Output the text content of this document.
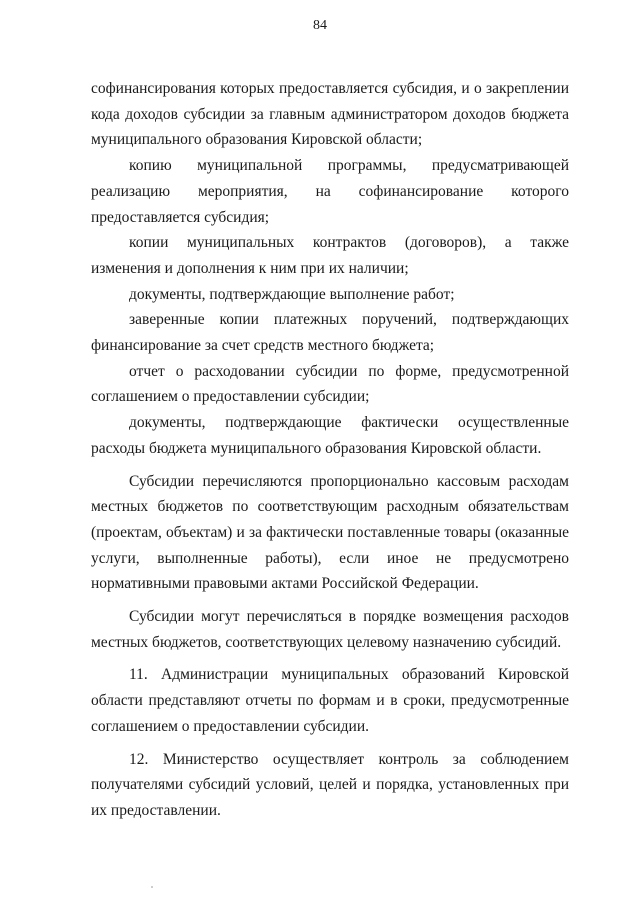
84

софинансирования которых предоставляется субсидия, и о закреплении кода доходов субсидии за главным администратором доходов бюджета муниципального образования Кировской области;

копию муниципальной программы, предусматривающей реализацию мероприятия, на софинансирование которого предоставляется субсидия;

копии муниципальных контрактов (договоров), а также изменения и дополнения к ним при их наличии;

документы, подтверждающие выполнение работ;

заверенные копии платежных поручений, подтверждающих финансирование за счет средств местного бюджета;

отчет о расходовании субсидии по форме, предусмотренной соглашением о предоставлении субсидии;

документы, подтверждающие фактически осуществленные расходы бюджета муниципального образования Кировской области.

Субсидии перечисляются пропорционально кассовым расходам местных бюджетов по соответствующим расходным обязательствам (проектам, объектам) и за фактически поставленные товары (оказанные услуги, выполненные работы), если иное не предусмотрено нормативными правовыми актами Российской Федерации.

Субсидии могут перечисляться в порядке возмещения расходов местных бюджетов, соответствующих целевому назначению субсидий.

11. Администрации муниципальных образований Кировской области представляют отчеты по формам и в сроки, предусмотренные соглашением о предоставлении субсидии.

12. Министерство осуществляет контроль за соблюдением получателями субсидий условий, целей и порядка, установленных при их предоставлении.
